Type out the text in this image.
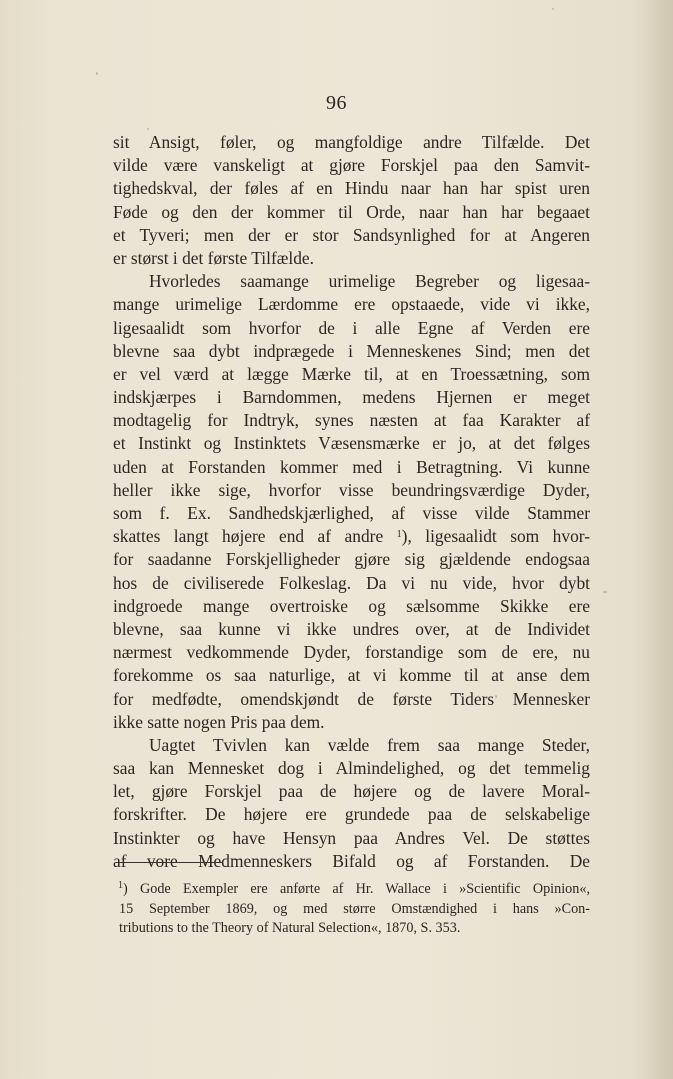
96
sit Ansigt, føler, og mangfoldige andre Tilfælde. Det
vilde være vanskeligt at gjøre Forskjel paa den Samvit-
tighedskval, der føles af en Hindu naar han har spist uren
Føde og den der kommer til Orde, naar han har begaaet
et Tyveri; men der er stor Sandsynlighed for at Angeren
er størst i det første Tilfælde.
Hvorledes saamange urimelige Begreber og ligesaa-
mange urimelige Lærdomme ere opstaaede, vide vi ikke,
ligesaalidt som hvorfor de i alle Egne af Verden ere
blevne saa dybt indprægede i Menneskenes Sind; men det
er vel værd at lægge Mærke til, at en Troessætning, som
indskjærpes i Barndommen, medens Hjernen er meget
modtagelig for Indtryk, synes næsten at faa Karakter af
et Instinkt og Instinktets Væsensmærke er jo, at det følges
uden at Forstanden kommer med i Betragtning. Vi kunne
heller ikke sige, hvorfor visse beundringsværdige Dyder,
som f. Ex. Sandhedskjærlighed, af visse vilde Stammer
skattes langt højere end af andre $^1$), ligesaalidt som hvor-
for saadanne Forskjelligheder gjøre sig gjældende endogsaa
hos de civiliserede Folkeslag. Da vi nu vide, hvor dybt
indgroede mange overtroiske og sælsomme Skikke ere
blevne, saa kunne vi ikke undres over, at de Individet
nærmest vedkommende Dyder, forstandige som de ere, nu
forekomme os saa naturlige, at vi komme til at anse dem
for medfødte, omendskjøndt de første Tiders Mennesker
ikke satte nogen Pris paa dem.
Uagtet Tvivlen kan vælde frem saa mange Steder,
saa kan Mennesket dog i Almindelighed, og det temmelig
let, gjøre Forskjel paa de højere og de lavere Moral-
forskrifter. De højere ere grundede paa de selskabelige
Instinkter og have Hensyn paa Andres Vel. De støttes
af vore Medmenneskers Bifald og af Forstanden. De
$^1$) Gode Exempler ere anførte af Hr. Wallace i »Scientific Opinion«,
15 September 1869, og med større Omstændighed i hans »Con-
tributions to the Theory of Natural Selection«, 1870, S. 353.
